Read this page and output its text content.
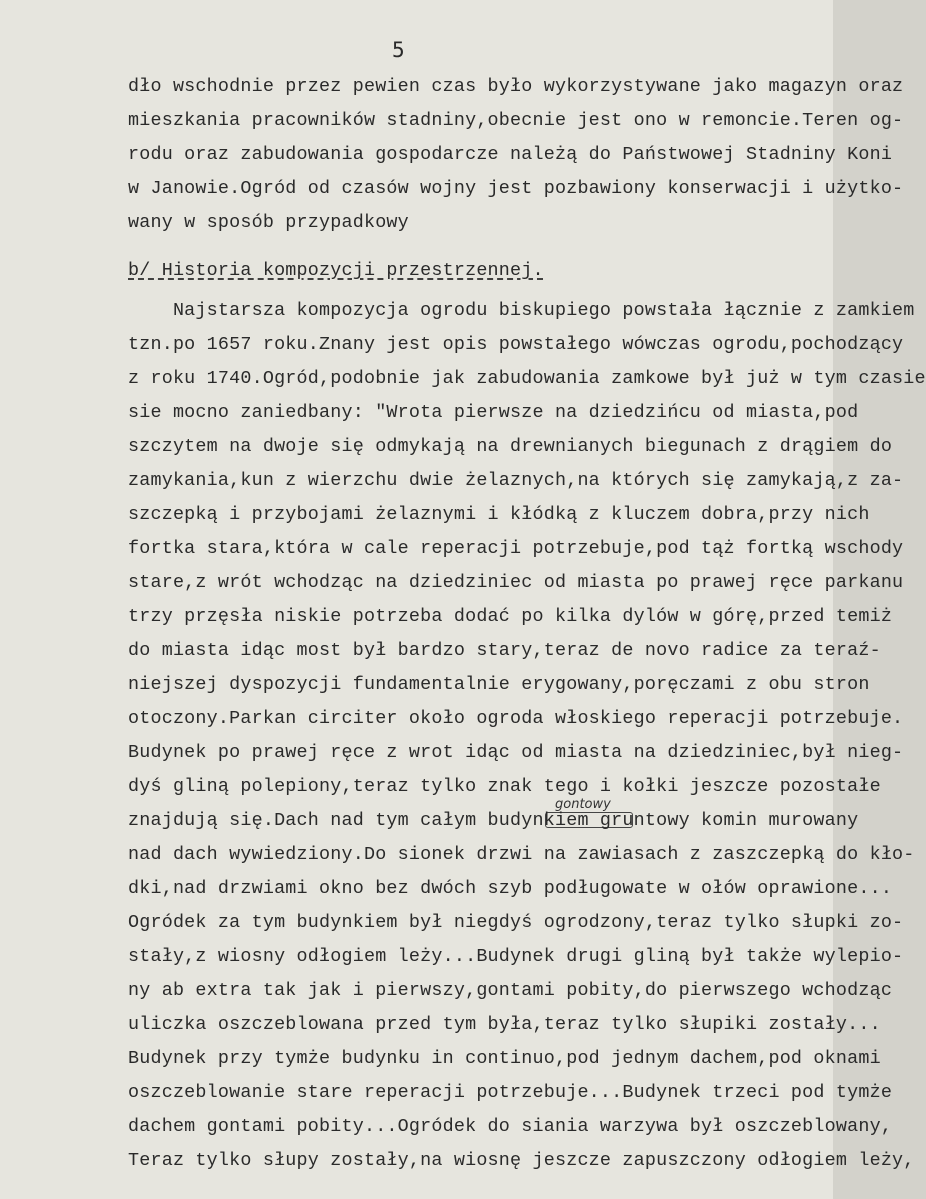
5
dło wschodnie przez pewien czas było wykorzystywane jako magazyn oraz
mieszkania pracowników stadniny,obecnie jest ono w remoncie.Teren og-
rodu oraz zabudowania gospodarcze należą do Państwowej Stadniny Koni
w Janowie.Ogród od czasów wojny jest pozbawiony konserwacji i użytko-
wany w sposób przypadkowy
b/ Historia kompozycji przestrzennej.
Najstarsza kompozycja ogrodu biskupiego powstała łącznie z zamkiem
tzn.po 1657 roku.Znany jest opis powstałego wówczas ogrodu,pochodzący
z roku 1740.Ogród,podobnie jak zabudowania zamkowe był już w tym czasie
sie mocno zaniedbany: "Wrota pierwsze na dziedzińcu od miasta,pod
szczytem na dwoje się odmykają na drewnianych biegunach z drągiem do
zamykania,kun z wierzchu dwie żelaznych,na których się zamykają,z za-
szczepką i przybojami żelaznymi i kłódką z kluczem dobra,przy nich
fortka stara,która w cale reperacji potrzebuje,pod tąż fortką wschody
stare,z wrót wchodząc na dziedziniec od miasta po prawej ręce parkanu
trzy przęsła niskie potrzeba dodać po kilka dylów w górę,przed temiż
do miasta idąc most był bardzo stary,teraz de novo radice za teraź-
niejszej dyspozycji fundamentalnie erygowany,poręczami z obu stron
otoczony.Parkan circiter około ogroda włoskiego reperacji potrzebuje.
Budynek po prawej ręce z wrot idąc od miasta na dziedziniec,był nieg-
dyś gliną polepiony,teraz tylko znak tego i kołki jeszcze pozostałe
gontowy
znajdują się.Dach nad tym całym budynkiem gruntowy komin murowany
nad dach wywiedziony.Do sionek drzwi na zawiasach z zaszczepką do kło-
dki,nad drzwiami okno bez dwóch szyb podługowate w ołów oprawione...
Ogródek za tym budynkiem był niegdyś ogrodzony,teraz tylko słupki zo-
stały,z wiosny odłogiem leży...Budynek drugi gliną był także wylepio-
ny ab extra tak jak i pierwszy,gontami pobity,do pierwszego wchodząc
uliczka oszczeblowana przed tym była,teraz tylko słupiki zostały...
Budynek przy tymże budynku in continuo,pod jednym dachem,pod oknami
oszczeblowanie stare reperacji potrzebuje...Budynek trzeci pod tymże
dachem gontami pobity...Ogródek do siania warzywa był oszczeblowany,
Teraz tylko słupy zostały,na wiosnę jeszcze zapuszczony odłogiem leży,
